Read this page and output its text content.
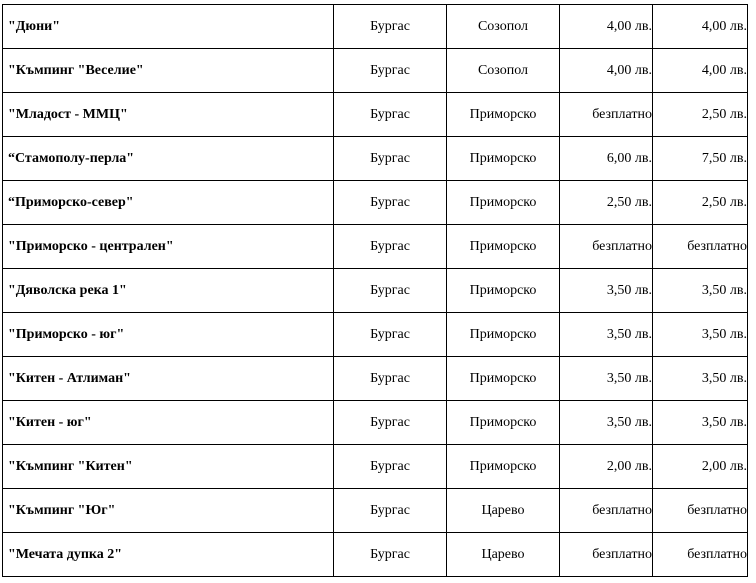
"Дюни"	Бургас	Созопол	4,00 лв.	4,00 лв.
"Къмпинг "Веселие"	Бургас	Созопол	4,00 лв.	4,00 лв.
"Младост - ММЦ"	Бургас	Приморско	безплатно	2,50 лв.
“Стамополу-перла"	Бургас	Приморско	6,00 лв.	7,50 лв.
“Приморско-север"	Бургас	Приморско	2,50 лв.	2,50 лв.
"Приморско - централен"	Бургас	Приморско	безплатно	безплатно
"Дяволска река 1"	Бургас	Приморско	3,50 лв.	3,50 лв.
"Приморско - юг"	Бургас	Приморско	3,50 лв.	3,50 лв.
"Китен - Атлиман"	Бургас	Приморско	3,50 лв.	3,50 лв.
"Китен - юг"	Бургас	Приморско	3,50 лв.	3,50 лв.
"Къмпинг "Китен"	Бургас	Приморско	2,00 лв.	2,00 лв.
"Къмпинг "Юг"	Бургас	Царево	безплатно	безплатно
"Мечата дупка 2"	Бургас	Царево	безплатно	безплатно
